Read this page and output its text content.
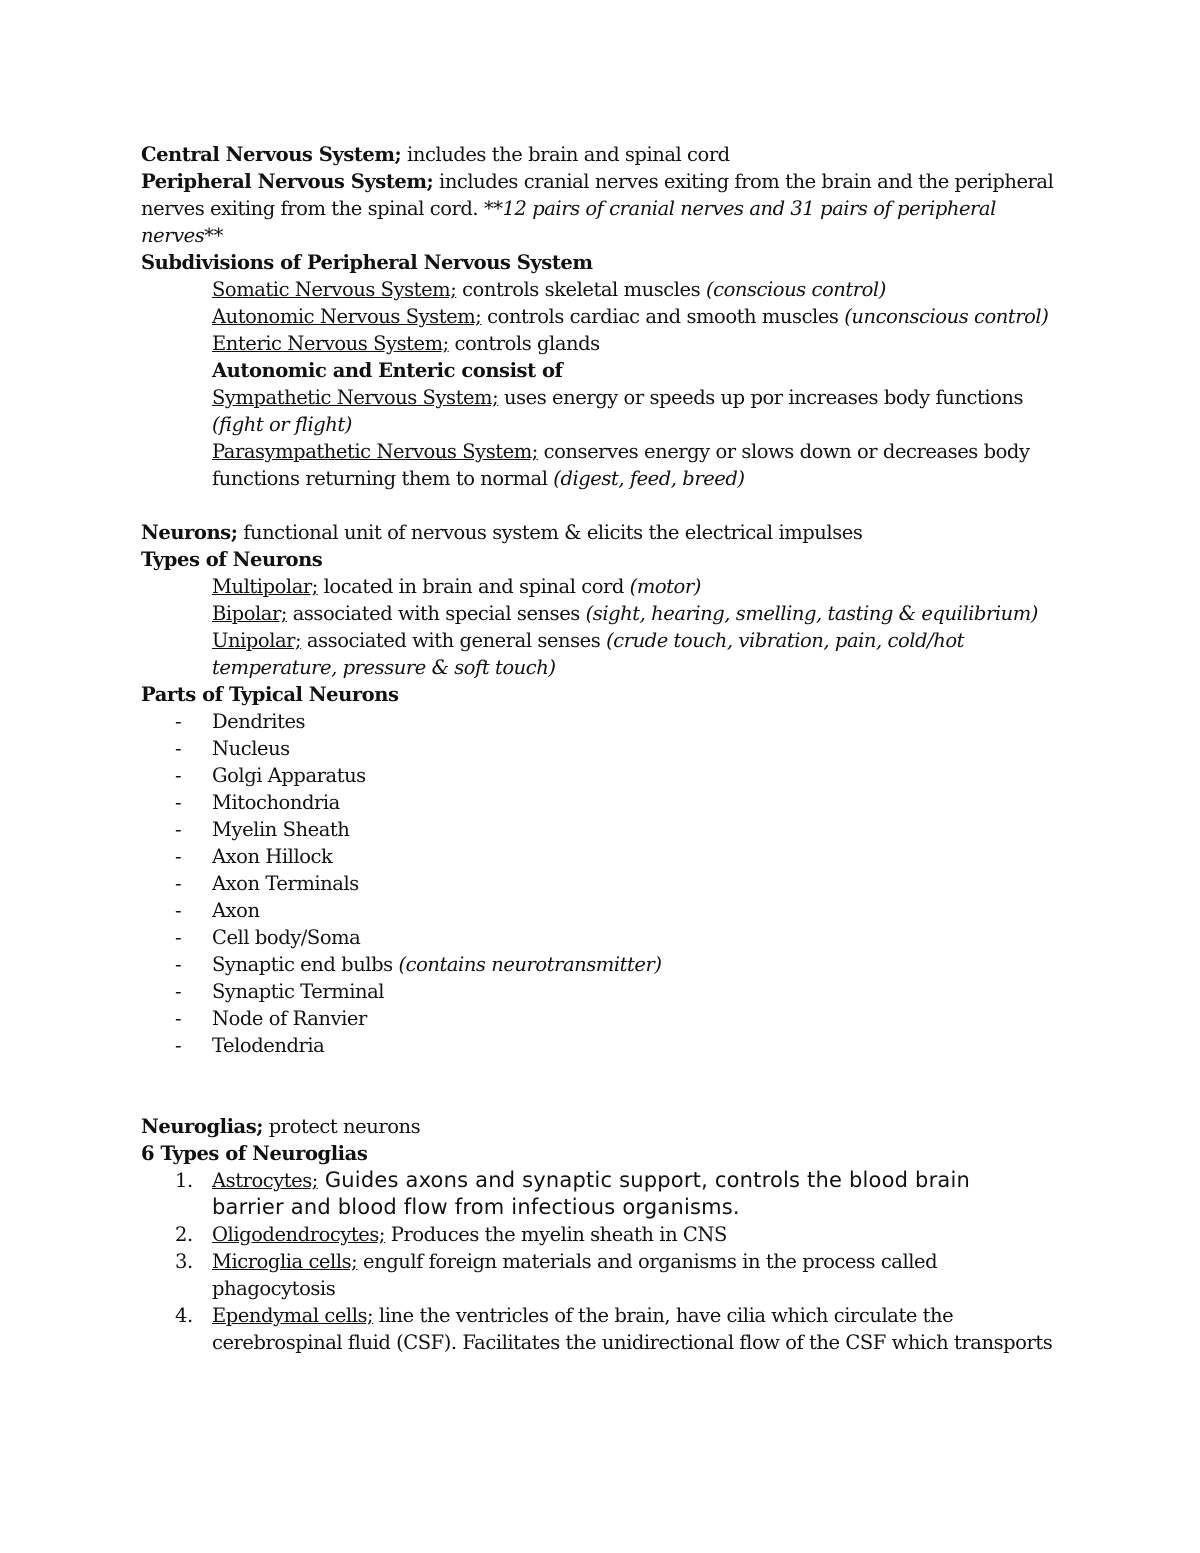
Central Nervous System; includes the brain and spinal cord
Peripheral Nervous System; includes cranial nerves exiting from the brain and the peripheral
nerves exiting from the spinal cord. **12 pairs of cranial nerves and 31 pairs of peripheral
nerves**
Subdivisions of Peripheral Nervous System
Somatic Nervous System; controls skeletal muscles (conscious control)
Autonomic Nervous System; controls cardiac and smooth muscles (unconscious control)
Enteric Nervous System; controls glands
Autonomic and Enteric consist of
Sympathetic Nervous System; uses energy or speeds up por increases body functions
(fight or flight)
Parasympathetic Nervous System; conserves energy or slows down or decreases body
functions returning them to normal (digest, feed, breed)
Neurons; functional unit of nervous system & elicits the electrical impulses
Types of Neurons
Multipolar; located in brain and spinal cord (motor)
Bipolar; associated with special senses (sight, hearing, smelling, tasting & equilibrium)
Unipolar; associated with general senses (crude touch, vibration, pain, cold/hot
temperature, pressure & soft touch)
Parts of Typical Neurons
- Dendrites
- Nucleus
- Golgi Apparatus
- Mitochondria
- Myelin Sheath
- Axon Hillock
- Axon Terminals
- Axon
- Cell body/Soma
- Synaptic end bulbs (contains neurotransmitter)
- Synaptic Terminal
- Node of Ranvier
- Telodendria
Neuroglias; protect neurons
6 Types of Neuroglias
1. Astrocytes; Guides axons and synaptic support, controls the blood brain
barrier and blood flow from infectious organisms.
2. Oligodendrocytes; Produces the myelin sheath in CNS
3. Microglia cells; engulf foreign materials and organisms in the process called
phagocytosis
4. Ependymal cells; line the ventricles of the brain, have cilia which circulate the
cerebrospinal fluid (CSF). Facilitates the unidirectional flow of the CSF which transports
